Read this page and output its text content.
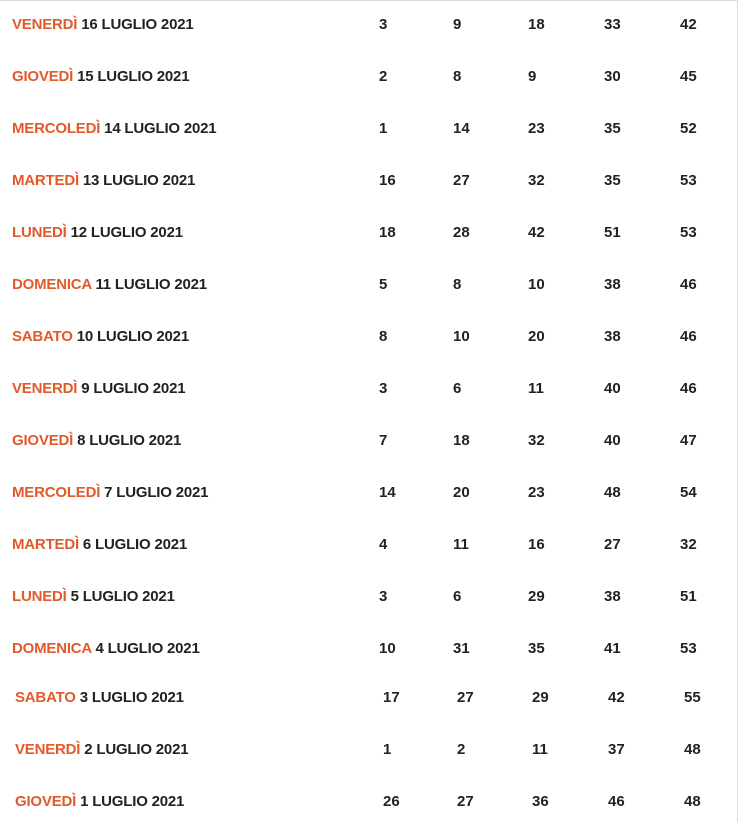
VENERDÌ 16 LUGLIO 2021	3	9	18	33	42
GIOVEDÌ 15 LUGLIO 2021	2	8	9	30	45
MERCOLEDÌ 14 LUGLIO 2021	1	14	23	35	52
MARTEDÌ 13 LUGLIO 2021	16	27	32	35	53
LUNEDÌ 12 LUGLIO 2021	18	28	42	51	53
DOMENICA 11 LUGLIO 2021	5	8	10	38	46
SABATO 10 LUGLIO 2021	8	10	20	38	46
VENERDÌ 9 LUGLIO 2021	3	6	11	40	46
GIOVEDÌ 8 LUGLIO 2021	7	18	32	40	47
MERCOLEDÌ 7 LUGLIO 2021	14	20	23	48	54
MARTEDÌ 6 LUGLIO 2021	4	11	16	27	32
LUNEDÌ 5 LUGLIO 2021	3	6	29	38	51
DOMENICA 4 LUGLIO 2021	10	31	35	41	53
SABATO 3 LUGLIO 2021	17	27	29	42	55
VENERDÌ 2 LUGLIO 2021	1	2	11	37	48
GIOVEDÌ 1 LUGLIO 2021	26	27	36	46	48
